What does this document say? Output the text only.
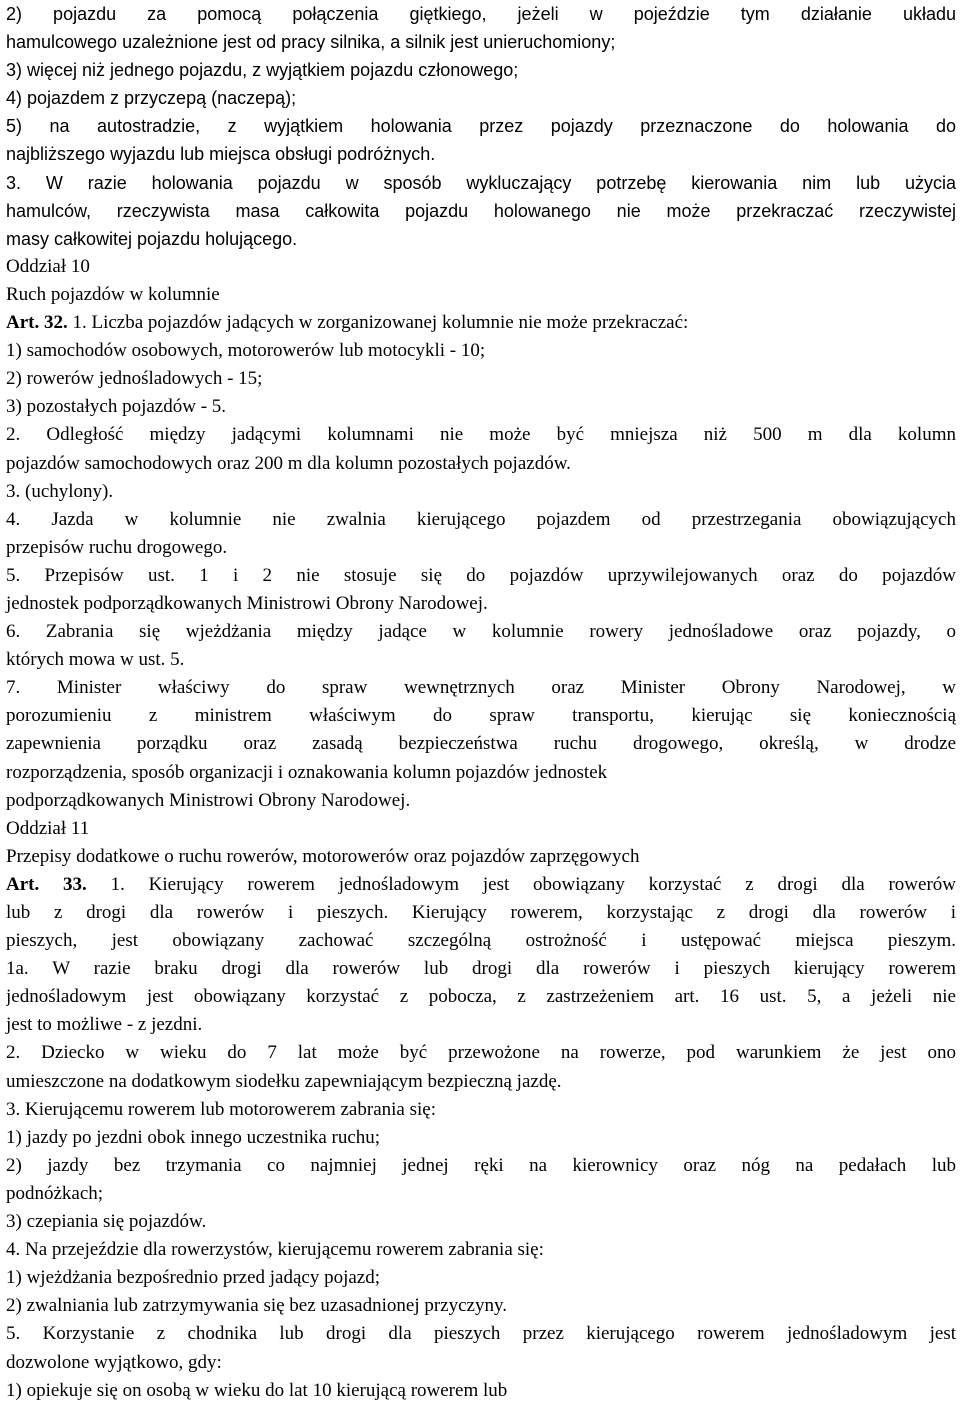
2) pojazdu za pomocą połączenia giętkiego, jeżeli w pojeździe tym działanie układu
hamulcowego uzależnione jest od pracy silnika, a silnik jest unieruchomiony;
3) więcej niż jednego pojazdu, z wyjątkiem pojazdu członowego;
4) pojazdem z przyczepą (naczepą);
5) na autostradzie, z wyjątkiem holowania przez pojazdy przeznaczone do holowania do
najbliższego wyjazdu lub miejsca obsługi podróżnych.
3. W razie holowania pojazdu w sposób wykluczający potrzebę kierowania nim lub użycia
hamulców, rzeczywista masa całkowita pojazdu holowanego nie może przekraczać rzeczywistej
masy całkowitej pojazdu holującego.
Oddział 10
Ruch pojazdów w kolumnie
Art. 32. 1. Liczba pojazdów jadących w zorganizowanej kolumnie nie może przekraczać:
1) samochodów osobowych, motorowerów lub motocykli - 10;
2) rowerów jednośladowych - 15;
3) pozostałych pojazdów - 5.
2. Odległość między jadącymi kolumnami nie może być mniejsza niż 500 m dla kolumn
pojazdów samochodowych oraz 200 m dla kolumn pozostałych pojazdów.
3. (uchylony).
4. Jazda w kolumnie nie zwalnia kierującego pojazdem od przestrzegania obowiązujących
przepisów ruchu drogowego.
5. Przepisów ust. 1 i 2 nie stosuje się do pojazdów uprzywilejowanych oraz do pojazdów
jednostek podporządkowanych Ministrowi Obrony Narodowej.
6. Zabrania się wjeżdżania między jadące w kolumnie rowery jednośladowe oraz pojazdy, o
których mowa w ust. 5.
7. Minister właściwy do spraw wewnętrznych oraz Minister Obrony Narodowej, w
porozumieniu z ministrem właściwym do spraw transportu, kierując się koniecznością
zapewnienia porządku oraz zasadą bezpieczeństwa ruchu drogowego, określą, w drodze
rozporządzenia, sposób organizacji i oznakowania kolumn pojazdów jednostek
podporządkowanych Ministrowi Obrony Narodowej.
Oddział 11
Przepisy dodatkowe o ruchu rowerów, motorowerów oraz pojazdów zaprzęgowych
Art. 33. 1. Kierujący rowerem jednośladowym jest obowiązany korzystać z drogi dla rowerów
lub z drogi dla rowerów i pieszych. Kierujący rowerem, korzystając z drogi dla rowerów i
pieszych, jest obowiązany zachować szczególną ostrożność i ustępować miejsca pieszym.
1a. W razie braku drogi dla rowerów lub drogi dla rowerów i pieszych kierujący rowerem
jednośladowym jest obowiązany korzystać z pobocza, z zastrzeżeniem art. 16 ust. 5, a jeżeli nie
jest to możliwe - z jezdni.
2. Dziecko w wieku do 7 lat może być przewożone na rowerze, pod warunkiem że jest ono
umieszczone na dodatkowym siodełku zapewniającym bezpieczną jazdę.
3. Kierującemu rowerem lub motorowerem zabrania się:
1) jazdy po jezdni obok innego uczestnika ruchu;
2) jazdy bez trzymania co najmniej jednej ręki na kierownicy oraz nóg na pedałach lub
podnóżkach;
3) czepiania się pojazdów.
4. Na przejeździe dla rowerzystów, kierującemu rowerem zabrania się:
1) wjeżdżania bezpośrednio przed jadący pojazd;
2) zwalniania lub zatrzymywania się bez uzasadnionej przyczyny.
5. Korzystanie z chodnika lub drogi dla pieszych przez kierującego rowerem jednośladowym jest
dozwolone wyjątkowo, gdy:
1) opiekuje się on osobą w wieku do lat 10 kierującą rowerem lub
